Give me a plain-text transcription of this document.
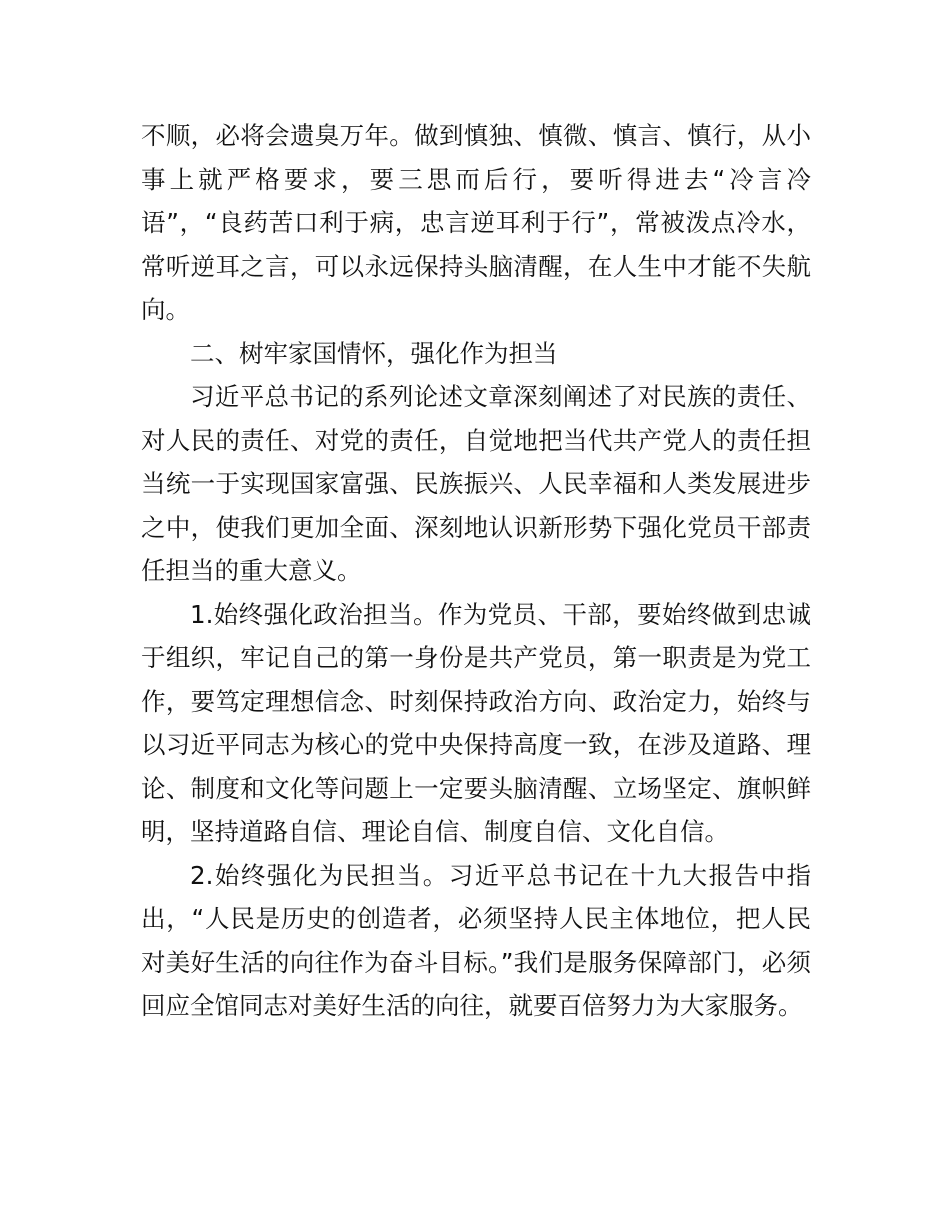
不顺，必将会遗臭万年。做到慎独、慎微、慎言、慎行，从小事上就严格要求，要三思而后行，要听得进去“冷言冷语”，“良药苦口利于病，忠言逆耳利于行”，常被泼点冷水，常听逆耳之言，可以永远保持头脑清醒，在人生中才能不失航向。

二、树牢家国情怀，强化作为担当

习近平总书记的系列论述文章深刻阐述了对民族的责任、对人民的责任、对党的责任，自觉地把当代共产党人的责任担当统一于实现国家富强、民族振兴、人民幸福和人类发展进步之中，使我们更加全面、深刻地认识新形势下强化党员干部责任担当的重大意义。

1.始终强化政治担当。作为党员、干部，要始终做到忠诚于组织，牢记自己的第一身份是共产党员，第一职责是为党工作，要笃定理想信念、时刻保持政治方向、政治定力，始终与以习近平同志为核心的党中央保持高度一致，在涉及道路、理论、制度和文化等问题上一定要头脑清醒、立场坚定、旗帜鲜明，坚持道路自信、理论自信、制度自信、文化自信。

2.始终强化为民担当。习近平总书记在十九大报告中指出，“人民是历史的创造者，必须坚持人民主体地位，把人民对美好生活的向往作为奋斗目标。”我们是服务保障部门，必须回应全馆同志对美好生活的向往，就要百倍努力为大家服务。
